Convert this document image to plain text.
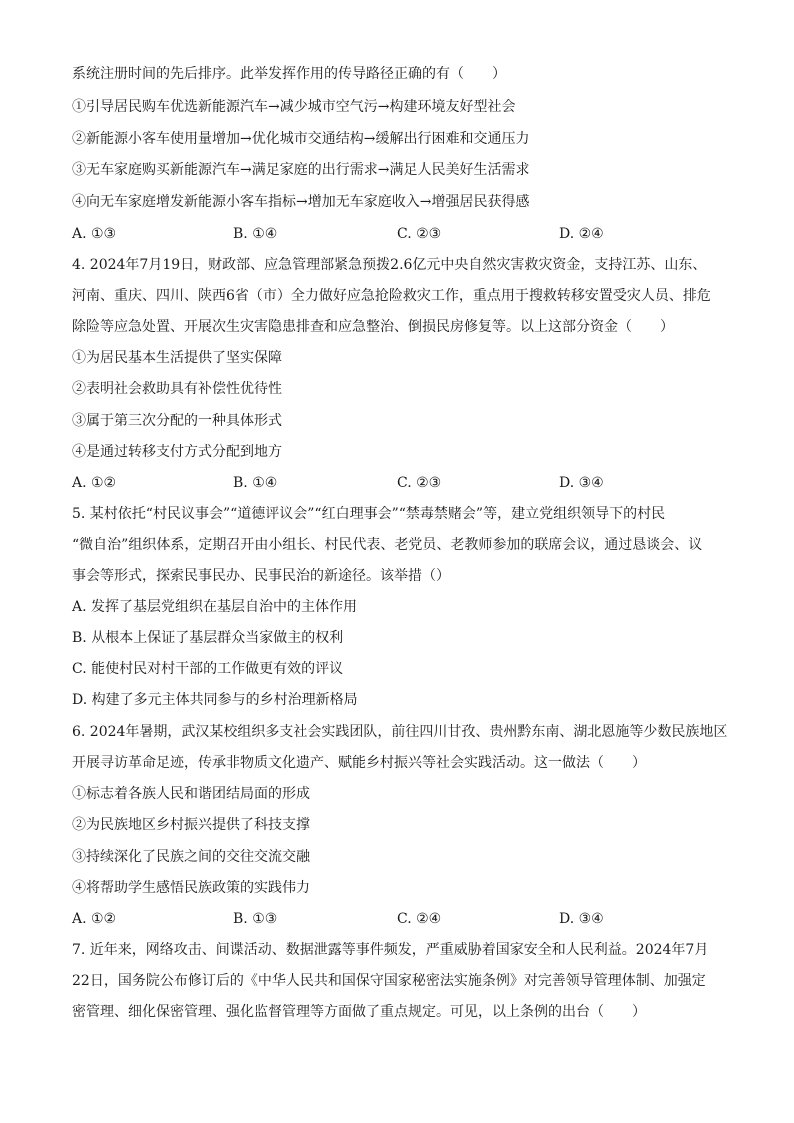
系统注册时间的先后排序。此举发挥作用的传导路径正确的有（　　）
①引导居民购车优选新能源汽车→减少城市空气污→构建环境友好型社会
②新能源小客车使用量增加→优化城市交通结构→缓解出行困难和交通压力
③无车家庭购买新能源汽车→满足家庭的出行需求→满足人民美好生活需求
④向无车家庭增发新能源小客车指标→增加无车家庭收入→增强居民获得感
A. ①③	B. ①④	C. ②③	D. ②④
4. 2024年7月19日，财政部、应急管理部紧急预拨2.6亿元中央自然灾害救灾资金，支持江苏、山东、
河南、重庆、四川、陕西6省（市）全力做好应急抢险救灾工作，重点用于搜救转移安置受灾人员、排危
除险等应急处置、开展次生灾害隐患排查和应急整治、倒损民房修复等。以上这部分资金（　　）
①为居民基本生活提供了坚实保障
②表明社会救助具有补偿性优待性
③属于第三次分配的一种具体形式
④是通过转移支付方式分配到地方
A. ①②	B. ①④	C. ②③	D. ③④
5. 某村依托“村民议事会”“道德评议会”“红白理事会”“禁毒禁赌会”等，建立党组织领导下的村民
“微自治”组织体系，定期召开由小组长、村民代表、老党员、老教师参加的联席会议，通过恳谈会、议
事会等形式，探索民事民办、民事民治的新途径。该举措（）
A. 发挥了基层党组织在基层自治中的主体作用
B. 从根本上保证了基层群众当家做主的权利
C. 能使村民对村干部的工作做更有效的评议
D. 构建了多元主体共同参与的乡村治理新格局
6. 2024年暑期，武汉某校组织多支社会实践团队，前往四川甘孜、贵州黔东南、湖北恩施等少数民族地区
开展寻访革命足迹，传承非物质文化遗产、赋能乡村振兴等社会实践活动。这一做法（　　）
①标志着各族人民和谐团结局面的形成
②为民族地区乡村振兴提供了科技支撑
③持续深化了民族之间的交往交流交融
④将帮助学生感悟民族政策的实践伟力
A. ①②	B. ①③	C. ②④	D. ③④
7. 近年来，网络攻击、间谍活动、数据泄露等事件频发，严重威胁着国家安全和人民利益。2024年7月
22日，国务院公布修订后的《中华人民共和国保守国家秘密法实施条例》对完善领导管理体制、加强定
密管理、细化保密管理、强化监督管理等方面做了重点规定。可见，以上条例的出台（　　）
